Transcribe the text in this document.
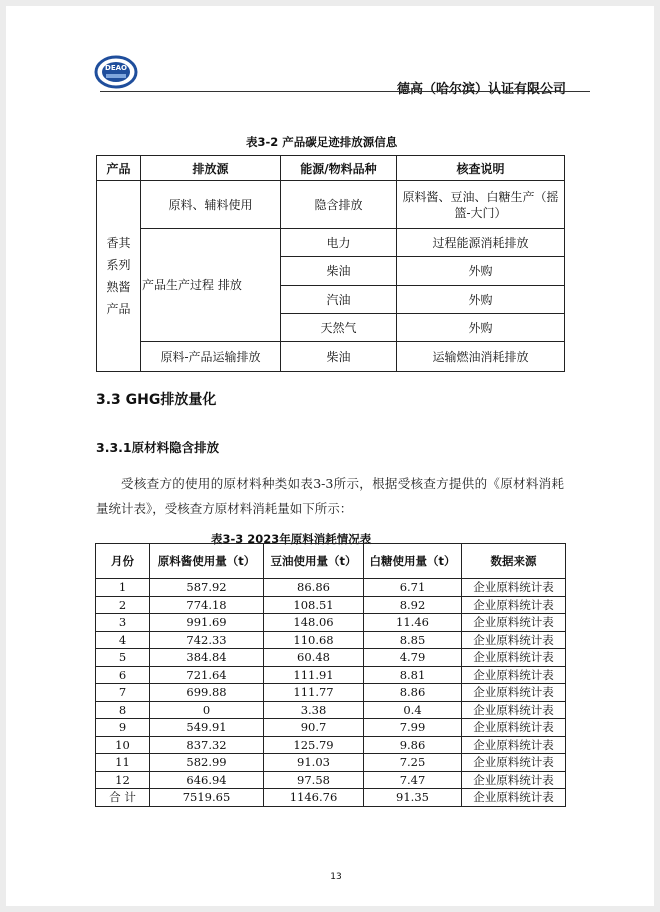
DEAO
德高（哈尔滨）认证有限公司
表3-2 产品碳足迹排放源信息
产品	排放源	能源/物料品种	核查说明
香其系列熟酱产品	原料、辅料使用	隐含排放	原料酱、豆油、白糖生产（摇篮-大门）
	产品生产过程 排放	电力	过程能源消耗排放
		柴油	外购
		汽油	外购
		天然气	外购
	原料-产品运输排放	柴油	运输燃油消耗排放
3.3 GHG排放量化
3.3.1原材料隐含排放
受核查方的使用的原材料种类如表3-3所示，根据受核查方提供的《原材料消耗量统计表》，受核查方原材料消耗量如下所示：
表3-3 2023年原料消耗情况表
月份	原料酱使用量（t）	豆油使用量（t）	白糖使用量（t）	数据来源
1	587.92	86.86	6.71	企业原料统计表
2	774.18	108.51	8.92	企业原料统计表
3	991.69	148.06	11.46	企业原料统计表
4	742.33	110.68	8.85	企业原料统计表
5	384.84	60.48	4.79	企业原料统计表
6	721.64	111.91	8.81	企业原料统计表
7	699.88	111.77	8.86	企业原料统计表
8	0	3.38	0.4	企业原料统计表
9	549.91	90.7	7.99	企业原料统计表
10	837.32	125.79	9.86	企业原料统计表
11	582.99	91.03	7.25	企业原料统计表
12	646.94	97.58	7.47	企业原料统计表
合 计	7519.65	1146.76	91.35	企业原料统计表
13
